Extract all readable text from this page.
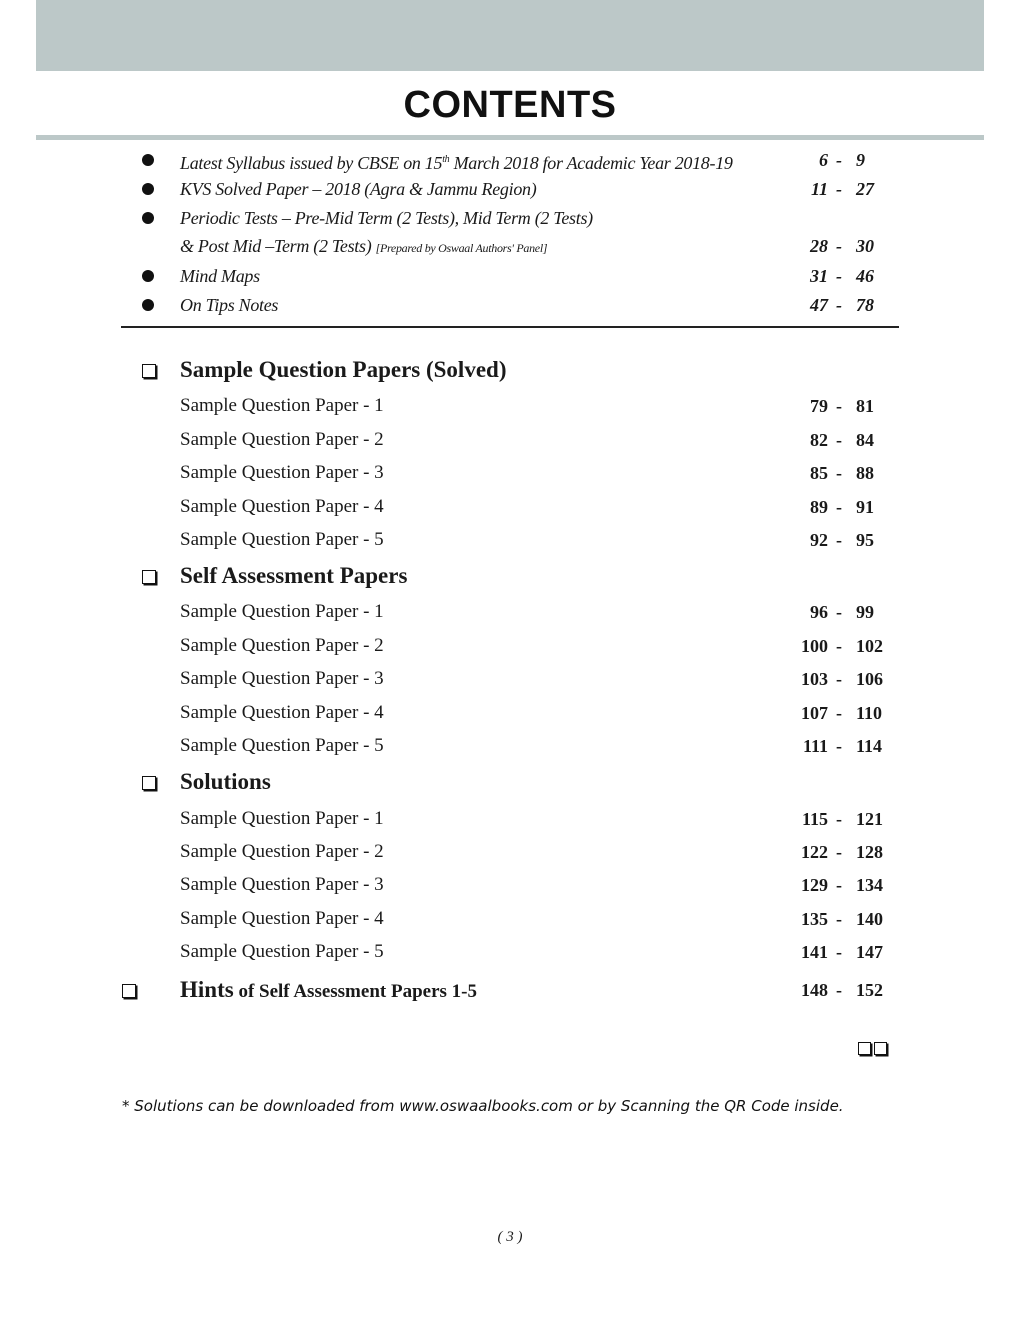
CONTENTS
Latest Syllabus issued by CBSE on 15th March 2018 for Academic Year 2018-19	6 - 9
KVS Solved Paper – 2018 (Agra & Jammu Region)	11 - 27
Periodic Tests – Pre-Mid Term (2 Tests), Mid Term (2 Tests)
& Post Mid –Term (2 Tests) [Prepared by Oswaal Authors' Panel]	28 - 30
Mind Maps	31 - 46
On Tips Notes	47 - 78
Sample Question Papers (Solved)
Sample Question Paper - 1	79 - 81
Sample Question Paper - 2	82 - 84
Sample Question Paper - 3	85 - 88
Sample Question Paper - 4	89 - 91
Sample Question Paper - 5	92 - 95
Self Assessment Papers
Sample Question Paper - 1	96 - 99
Sample Question Paper - 2	100 - 102
Sample Question Paper - 3	103 - 106
Sample Question Paper - 4	107 - 110
Sample Question Paper - 5	111 - 114
Solutions
Sample Question Paper - 1	115 - 121
Sample Question Paper - 2	122 - 128
Sample Question Paper - 3	129 - 134
Sample Question Paper - 4	135 - 140
Sample Question Paper - 5	141 - 147
Hints of Self Assessment Papers 1-5	148 - 152
* Solutions can be downloaded from www.oswaalbooks.com or by Scanning the QR Code inside.
( 3 )
